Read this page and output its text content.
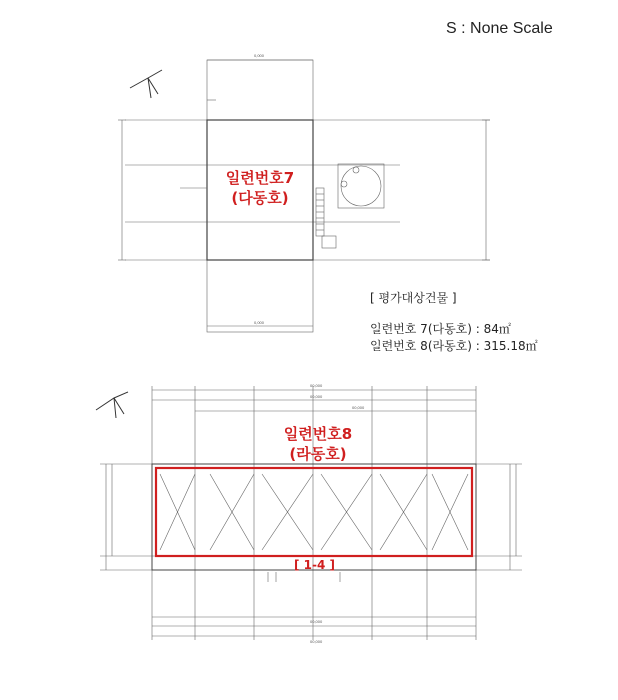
S : None Scale
0,000
0,000
00,000
00,000
00,000
00,000
00,000
일련번호7
(다동호)
일련번호8
(라동호)
[ 1-4 ]
[ 평가대상건물 ]
일련번호 7(다동호) : 84㎡
일련번호 8(라동호) : 315.18㎡
